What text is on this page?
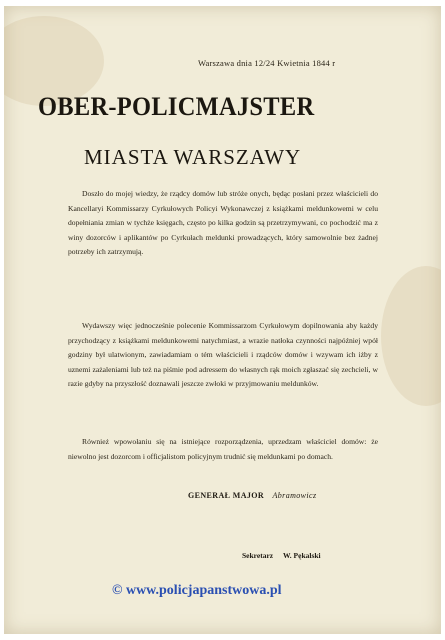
Warszawa dnia 12/24 Kwietnia 1844 r
OBER-POLICMAJSTER
MIASTA WARSZAWY
Doszło do mojej wiedzy, że rządcy domów lub stróże onych, będąc posłani przez właścicieli do Kancellaryi Kommissarzy Cyrkułowych Policyi Wykonawczej z książkami meldunkowemi w celu dopełniania zmian w tychże księgach, często po kilka godzin są przetrzymywani, co pochodzić ma z winy dozorców i aplikantów po Cyrkułach meldunki prowadzących, który samowolnie bez żadnej potrzeby ich zatrzymują.
Wydawszy więc jednocześnie polecenie Kommissarzom Cyrkułowym dopilnowania aby każdy przychodzący z książkami meldunkowemi natychmiast, a wrazie natłoka czynności najpóźniej wpół godziny był ulatwionym, zawiadamiam o tém właścicieli i rządców domów i wzywam ich iżby z uznemi zażaleniami lub też na piśmie pod adressem do własnych rąk moich zgłaszać się zechcieli, w razie gdyby na przyszłość doznawali jeszcze zwłoki w przyjmowaniu meldunków.
Również wpowołaniu się na istniejące rozporządzenia, uprzedzam właściciel domów: że niewolno jest dozorcom i officjalistom policyjnym trudnić się meldunkami po domach.
GENERAŁ MAJOR Abramowicz
Sekretarz W. Pękalski
© www.policjapanstwowa.pl
